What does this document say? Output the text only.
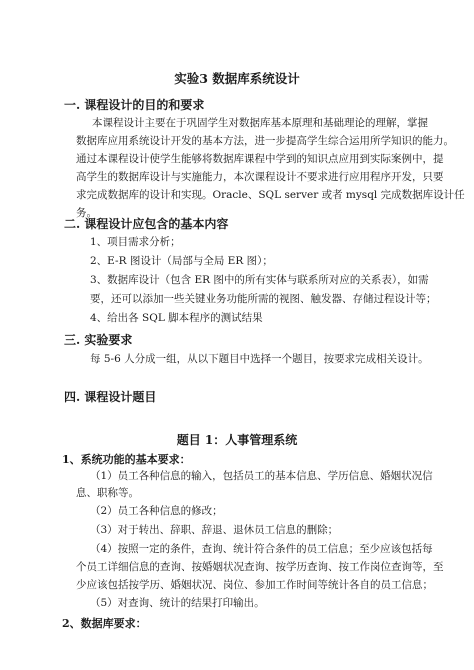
实验3 数据库系统设计
一. 课程设计的目的和要求
本课程设计主要在于巩固学生对数据库基本原理和基础理论的理解，掌握
数据库应用系统设计开发的基本方法，进一步提高学生综合运用所学知识的能力。
通过本课程设计使学生能够将数据库课程中学到的知识点应用到实际案例中，提
高学生的数据库设计与实施能力，本次课程设计不要求进行应用程序开发，只要
求完成数据库的设计和实现。Oracle、SQL server 或者 mysql 完成数据库设计任
务。
二. 课程设计应包含的基本内容
1、项目需求分析；
2、E-R 图设计（局部与全局 ER 图）；
3、数据库设计（包含 ER 图中的所有实体与联系所对应的关系表），如需
要，还可以添加一些关键业务功能所需的视图、触发器、存储过程设计等；
4、给出各 SQL 脚本程序的测试结果
三. 实验要求
每 5-6 人分成一组，从以下题目中选择一个题目，按要求完成相关设计。
四. 课程设计题目
题目 1：人事管理系统
1、系统功能的基本要求：
（1）员工各种信息的输入，包括员工的基本信息、学历信息、婚姻状况信
息、职称等。
（2）员工各种信息的修改；
（3）对于转出、辞职、辞退、退休员工信息的删除；
（4）按照一定的条件，查询、统计符合条件的员工信息；至少应该包括每
个员工详细信息的查询、按婚姻状况查询、按学历查询、按工作岗位查询等，至
少应该包括按学历、婚姻状况、岗位、参加工作时间等统计各自的员工信息；
（5）对查询、统计的结果打印输出。
2、数据库要求：
